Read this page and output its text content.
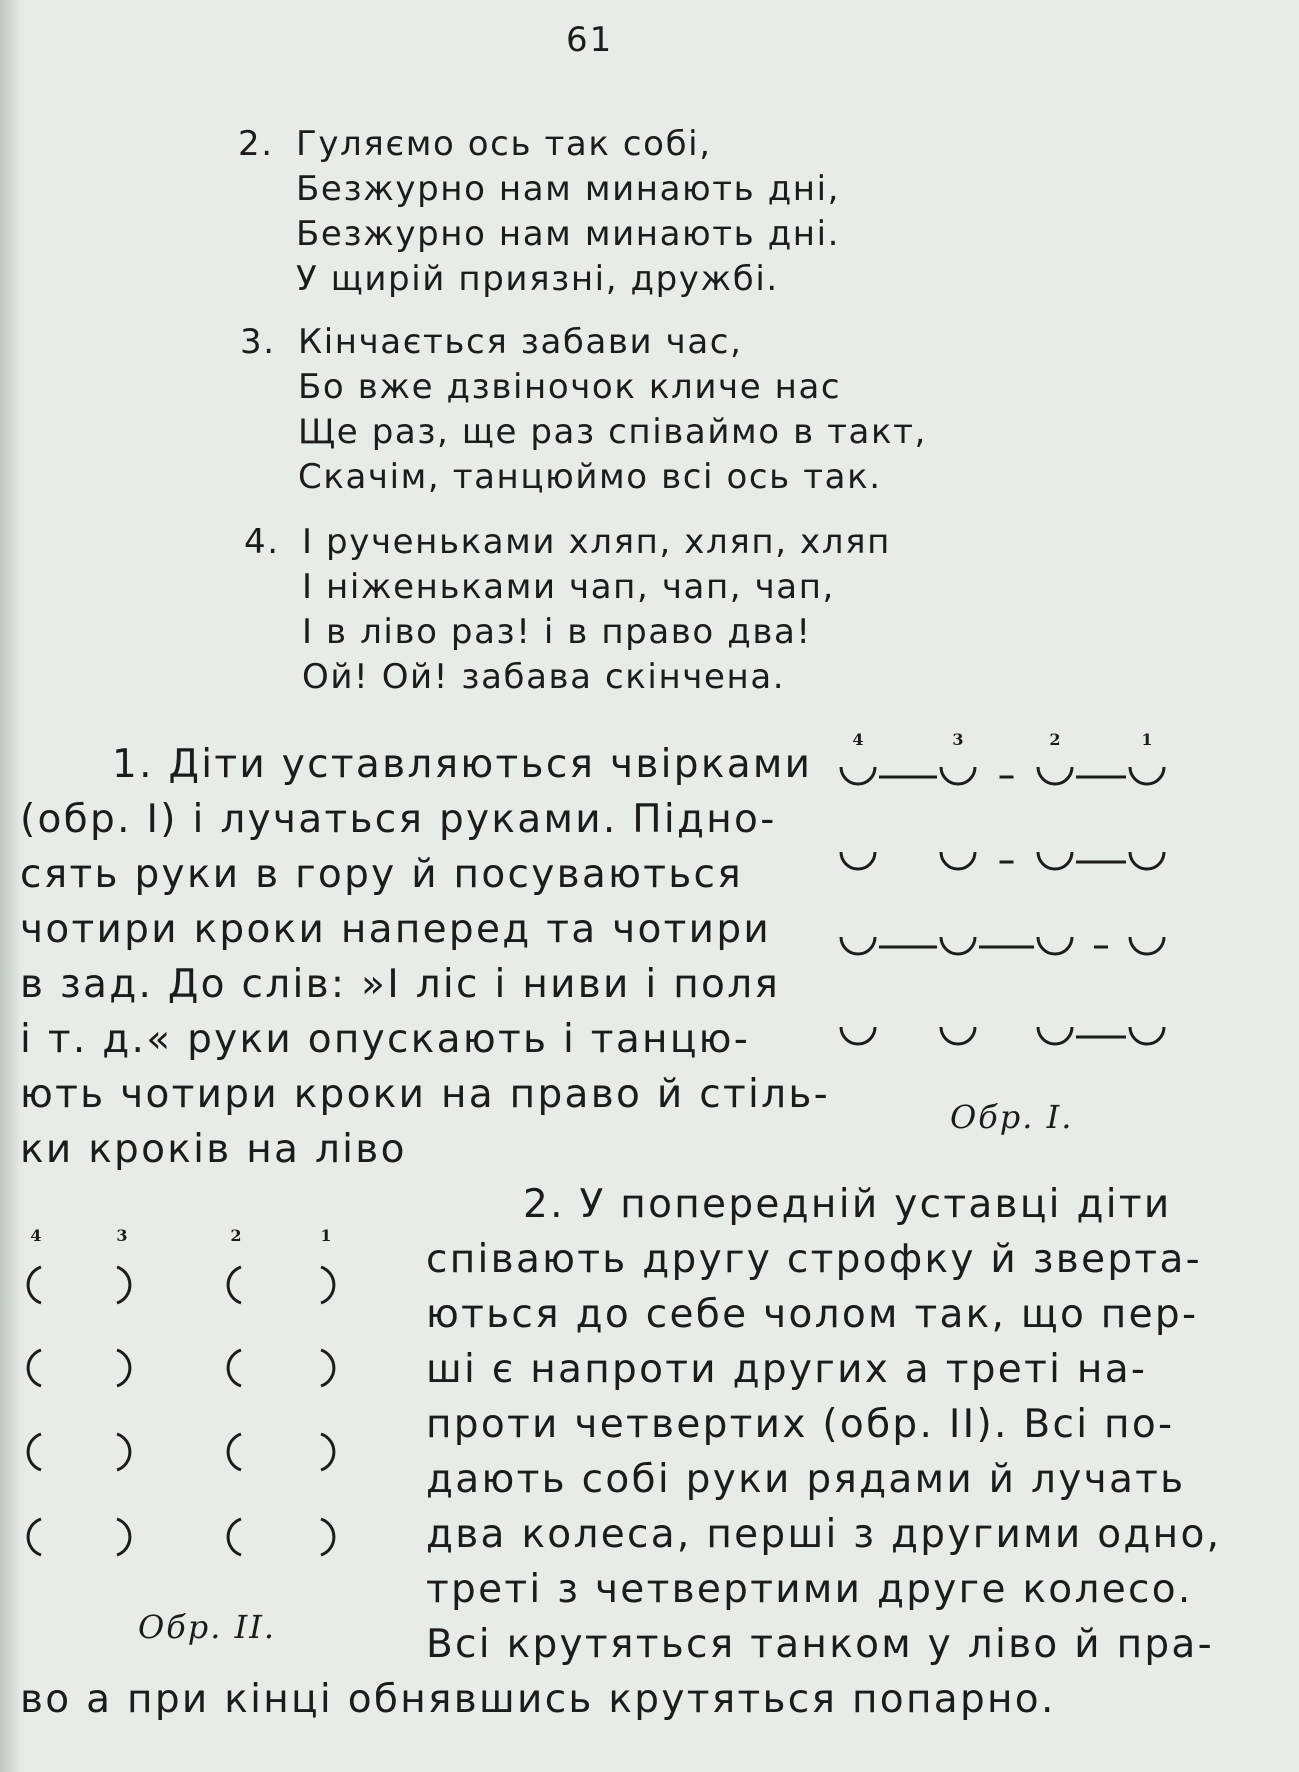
61
2. Гуляємо ось так собі,
Безжурно нам минають дні,
Безжурно нам минають дні.
У щирій приязні, дружбі.
3. Кінчається забави час,
Бо вже дзвіночок кличе нас
Ще раз, ще раз співаймо в такт,
Скачім, танцюймо всі ось так.
4. І рученьками хляп, хляп, хляп
І ніженьками чап, чап, чап,
І в ліво раз! і в право два!
Ой! Ой! забава скінчена.
1. Діти уставляються чвірками
(обр. І) і лучаться руками. Підно-
сять руки в гору й посуваються
чотири кроки наперед та чотири
в зад. До слів: »І ліс і ниви і поля
і т. д.« руки опускають і танцю-
ють чотири кроки на право й стіль-
ки кроків на ліво
4	3	2	1
Обр. І.
4	3	2	1
Обр. II.
2. У попередній уставці діти
співають другу строфку й зверта-
ються до себе чолом так, що пер-
ші є напроти других а треті на-
проти четвертих (обр. II). Всі по-
дають собі руки рядами й лучать
два колеса, перші з другими одно,
треті з четвертими друге колесо.
Всі крутяться танком у ліво й пра-
во а при кінці обнявшись крутяться попарно.
